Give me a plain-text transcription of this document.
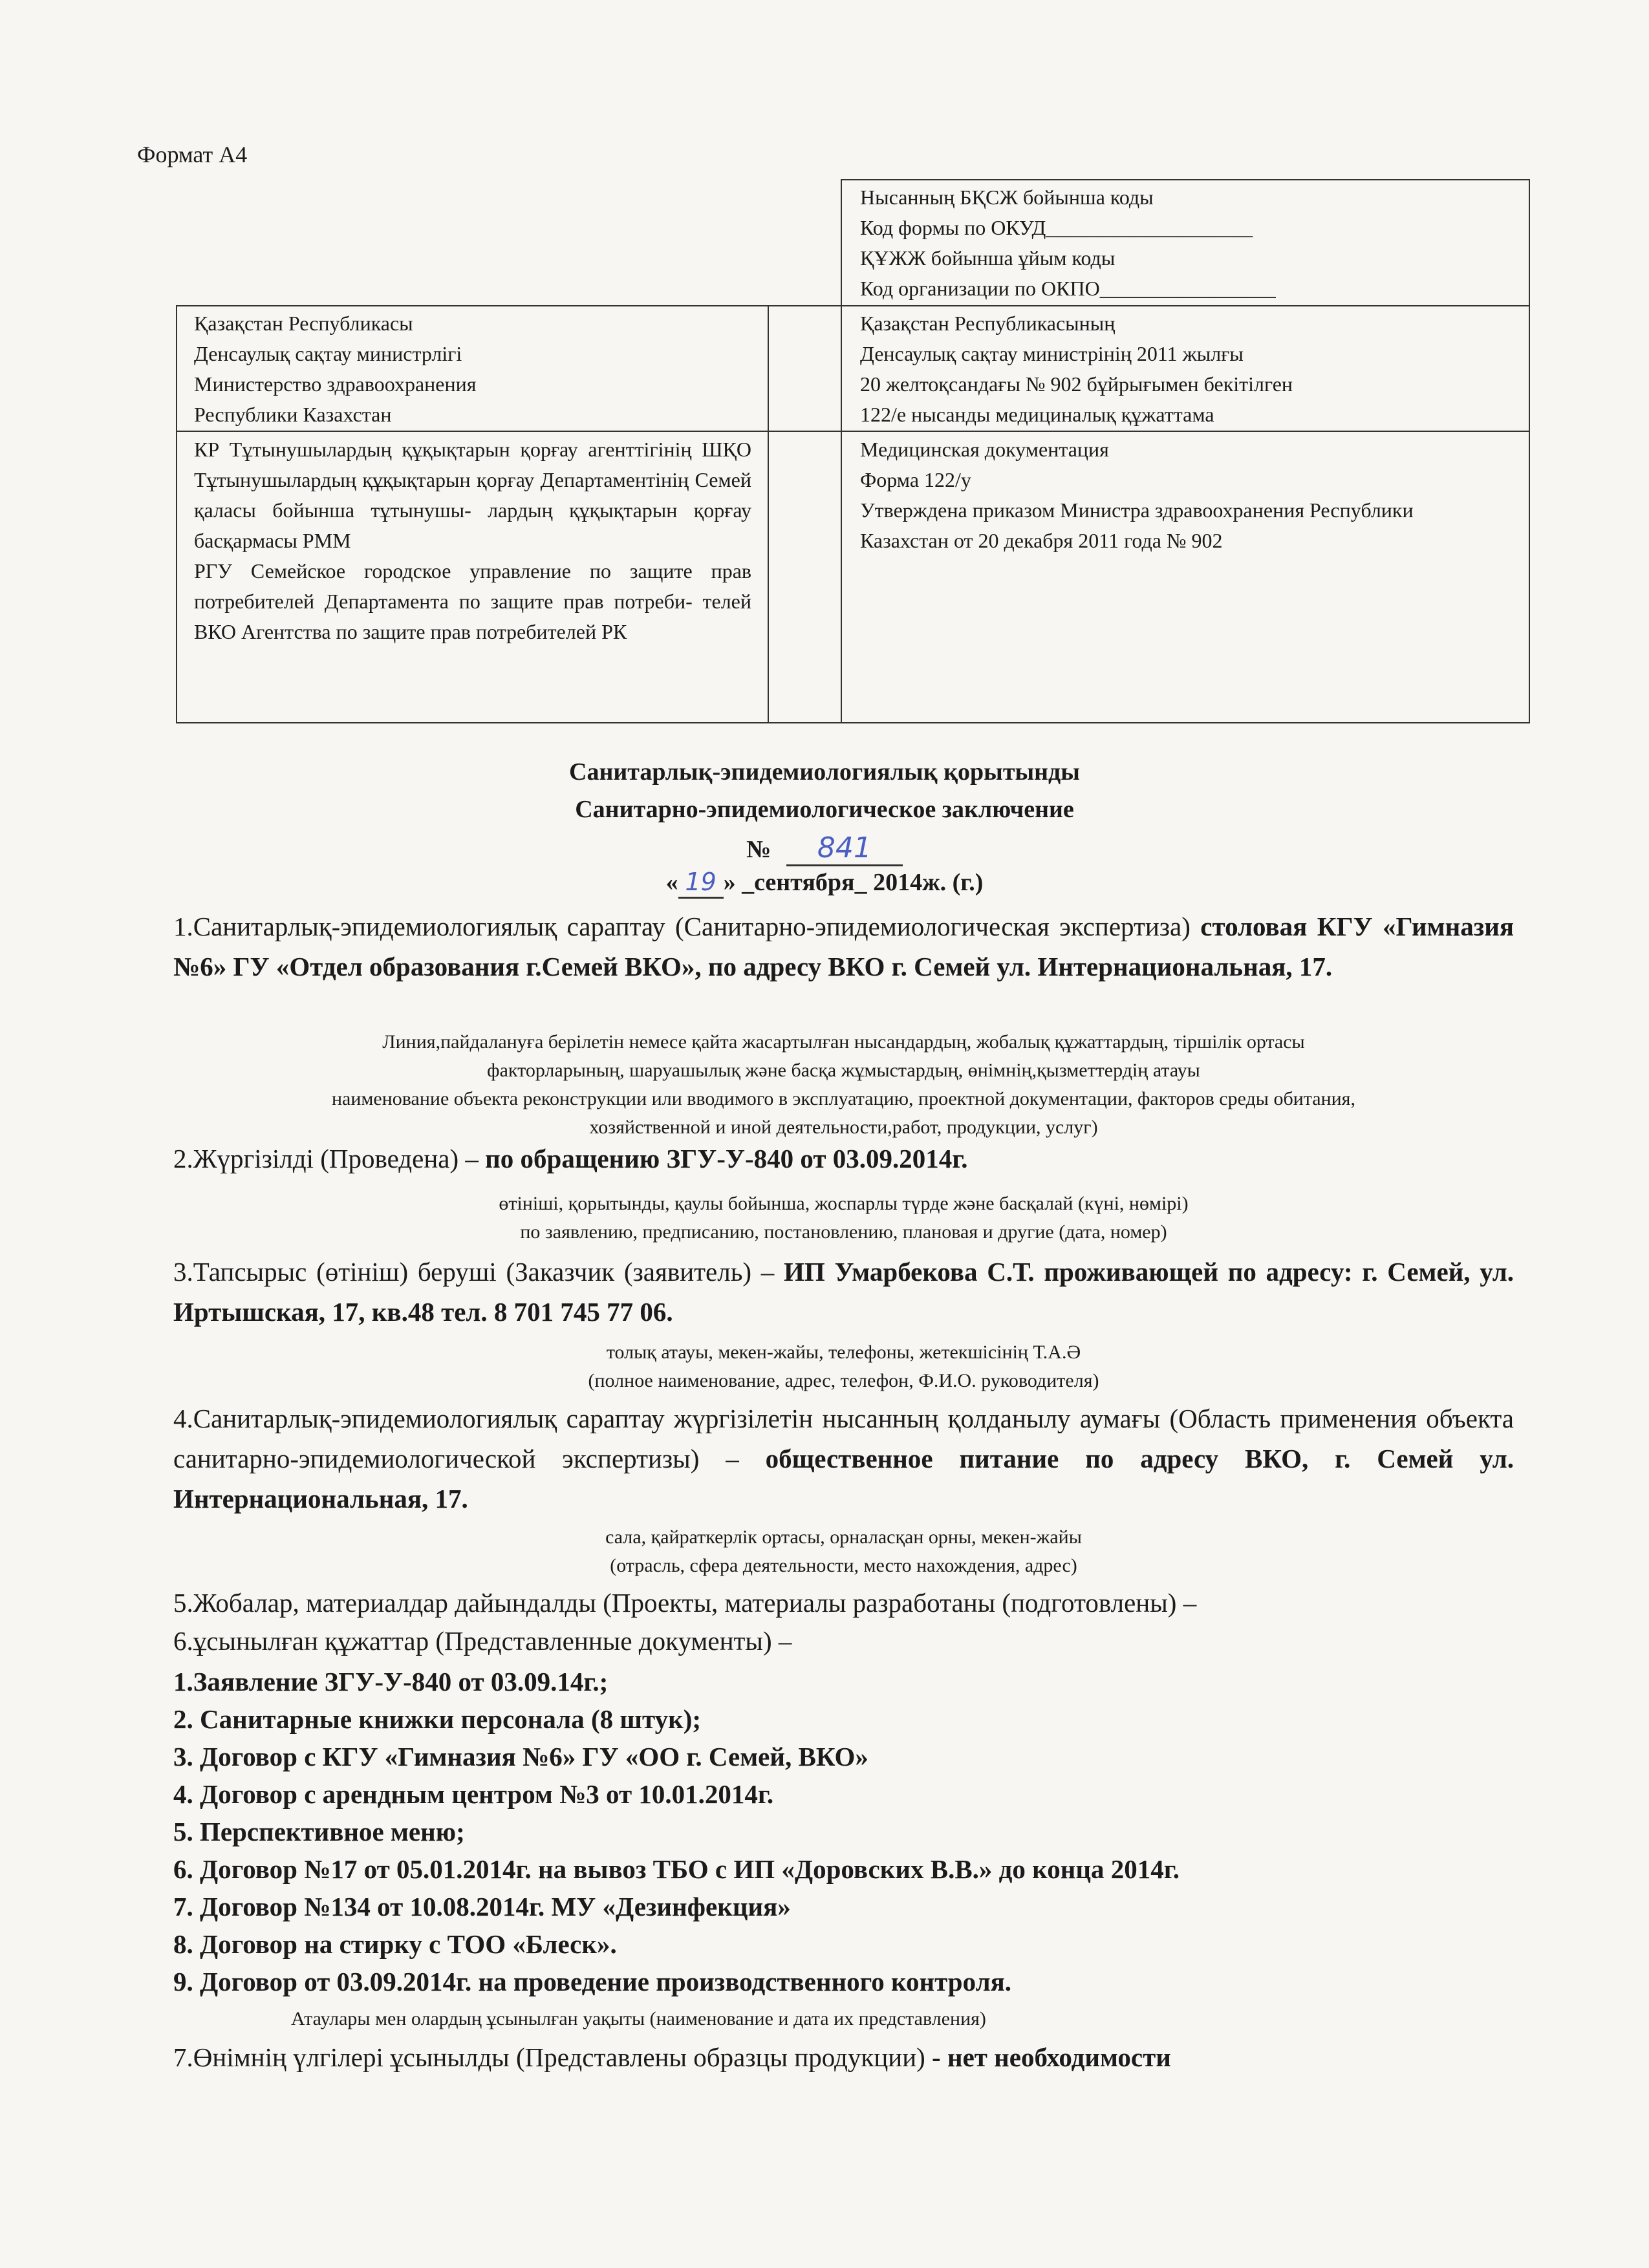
Формат А4
Нысанның БҚСЖ бойынша коды
Код формы по ОКУД____________________
ҚҰЖЖ бойынша ұйым коды
Код организации по ОКПО_________________
Қазақстан Республикасы
Денсаулық сақтау министрлігі
Министерство здравоохранения
Республики Казахстан
Қазақстан Республикасының
Денсаулық сақтау министрінің 2011 жылғы
20 желтоқсандағы № 902 бұйрығымен бекітілген
122/е нысанды медициналық құжаттама
КР Тұтынушылардың құқықтарын қорғау агенттігінің ШҚО Тұтынушылардың құқықтарын қорғау Департаментінің Семей қаласы бойынша тұтынушы- лардың құқықтарын қорғау басқармасы РММ
РГУ Семейское городское управление по защите прав потребителей Департамента по защите прав потреби- телей ВКО Агентства по защите прав потребителей РК
Медицинская документация
Форма 122/у
Утверждена приказом Министра здравоохранения Республики
Казахстан от 20 декабря 2011 года № 902
Санитарлық-эпидемиологиялық қорытынды
Санитарно-эпидемиологическое заключение
№ 841
« 19 » _сентября_ 2014ж. (г.)
1.Санитарлық-эпидемиологиялық сараптау (Санитарно-эпидемиологическая экспертиза) столовая КГУ «Гимназия №6» ГУ «Отдел образования г.Семей ВКО», по адресу ВКО г. Семей ул. Интернациональная, 17.
Линия,пайдалануға берілетін немесе қайта жасартылған нысандардың, жобалық құжаттардың, тіршілік ортасы
факторларының, шаруашылық және басқа жұмыстардың, өнімнің,қызметтердің атауы
наименование объекта реконструкции или вводимого в эксплуатацию, проектной документации, факторов среды обитания,
хозяйственной и иной деятельности,работ, продукции, услуг)
2.Жүргізілді (Проведена) – по обращению ЗГУ-У-840 от 03.09.2014г.
өтініші, қорытынды, қаулы бойынша, жоспарлы түрде және басқалай (күні, нөмірі)
по заявлению, предписанию, постановлению, плановая и другие (дата, номер)
3.Тапсырыс (өтініш) беруші (Заказчик (заявитель) – ИП Умарбекова С.Т. проживающей по адресу: г. Семей, ул. Иртышская, 17, кв.48 тел. 8 701 745 77 06.
толық атауы, мекен-жайы, телефоны, жетекшісінің Т.А.Ә
(полное наименование, адрес, телефон, Ф.И.О. руководителя)
4.Санитарлық-эпидемиологиялық сараптау жүргізілетін нысанның қолданылу аумағы (Область применения объекта санитарно-эпидемиологической экспертизы) – общественное питание по адресу ВКО, г. Семей ул. Интернациональная, 17.
сала, қайраткерлік ортасы, орналасқан орны, мекен-жайы
(отрасль, сфера деятельности, место нахождения, адрес)
5.Жобалар, материалдар дайындалды (Проекты, материалы разработаны (подготовлены) –
6.ұсынылған құжаттар (Представленные документы) –
1.Заявление ЗГУ-У-840 от 03.09.14г.;
2. Санитарные книжки персонала (8 штук);
3. Договор с КГУ «Гимназия №6» ГУ «ОО г. Семей, ВКО»
4. Договор с арендным центром №3 от 10.01.2014г.
5. Перспективное меню;
6. Договор №17 от 05.01.2014г. на вывоз ТБО с ИП «Доровских В.В.» до конца 2014г.
7. Договор №134 от 10.08.2014г. МУ «Дезинфекция»
8. Договор на стирку с ТОО «Блеск».
9. Договор от 03.09.2014г. на проведение производственного контроля.
Атаулары мен олардың ұсынылған уақыты (наименование и дата их представления)
7.Өнімнің үлгілері ұсынылды (Представлены образцы продукции) - нет необходимости
